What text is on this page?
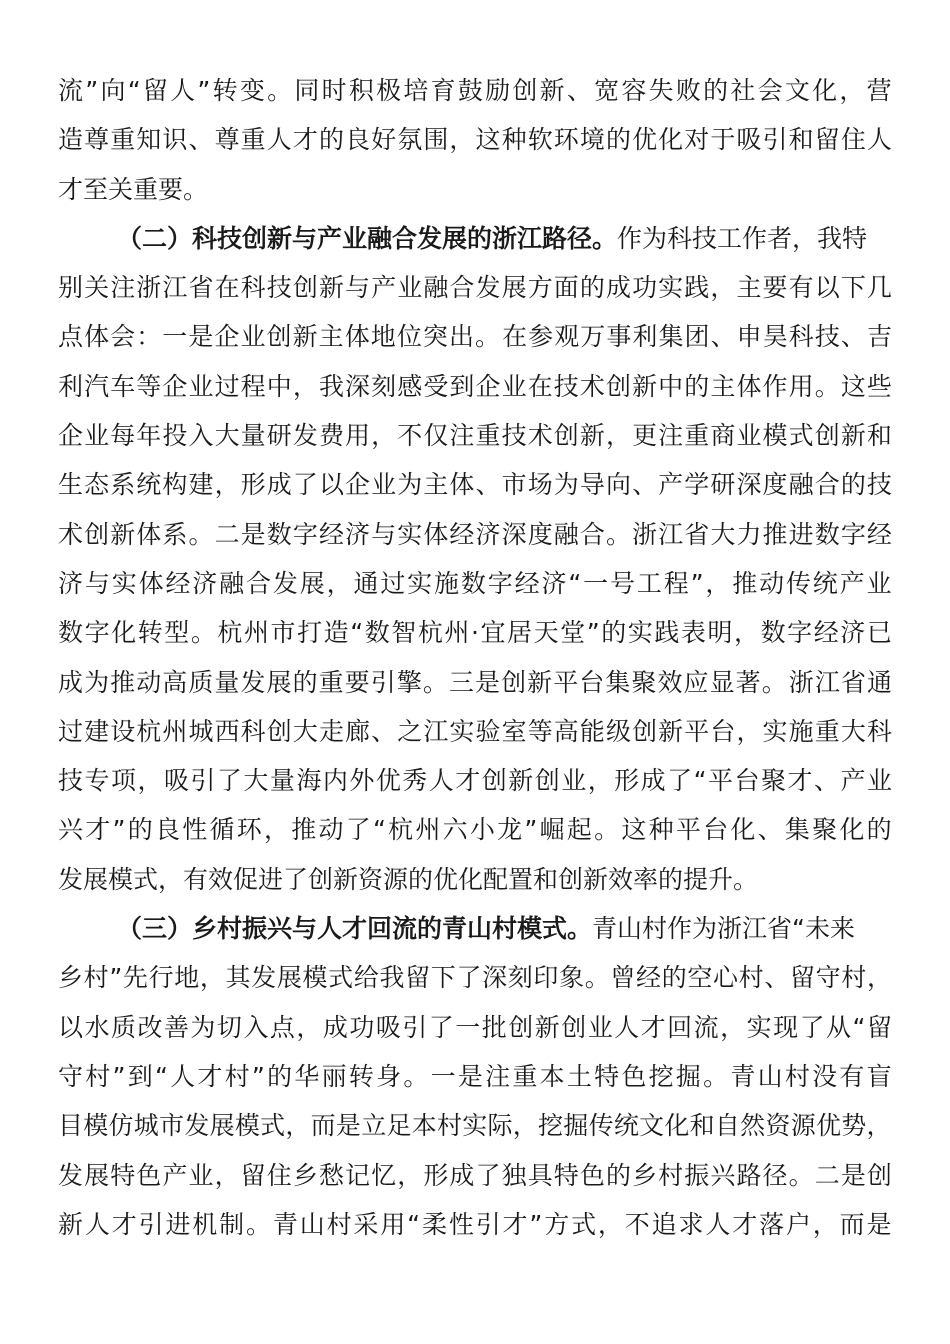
流 ” 向 “ 留 人 ” 转 变 。 同 时 积 极 培 育 鼓 励 创 新 、 宽 容 失 败 的 社 会 文 化 ， 营
造 尊 重 知 识 、 尊 重 人 才 的 良 好 氛 围 ， 这 种 软 环 境 的 优 化 对 于 吸 引 和 留 住 人
才至关重要。
（二）科技创新与产业融合发展的浙江路径。 作为科技工作者，我特
别 关 注 浙 江 省 在 科 技 创 新 与 产 业 融 合 发 展 方 面 的 成 功 实 践 ， 主 要 有 以 下 几
点 体 会 ： 一 是 企 业 创 新 主 体 地 位 突 出 。 在 参 观 万 事 利 集 团 、 申 昊 科 技 、 吉
利 汽 车 等 企 业 过 程 中 ， 我 深 刻 感 受 到 企 业 在 技 术 创 新 中 的 主 体 作 用 。 这 些
企 业 每 年 投 入 大 量 研 发 费 用 ， 不 仅 注 重 技 术 创 新 ， 更 注 重 商 业 模 式 创 新 和
生 态 系 统 构 建 ， 形 成 了 以 企 业 为 主 体 、 市 场 为 导 向 、 产 学 研 深 度 融 合 的 技
术 创 新 体 系 。 二 是 数 字 经 济 与 实 体 经 济 深 度 融 合 。 浙 江 省 大 力 推 进 数 字 经
济 与 实 体 经 济 融 合 发 展 ， 通 过 实 施 数 字 经 济 “ 一 号 工 程 ” ， 推 动 传 统 产 业
数 字 化 转 型 。 杭 州 市 打 造 “ 数 智 杭 州 · 宜 居 天 堂 ” 的 实 践 表 明 ， 数 字 经 济 已
成 为 推 动 高 质 量 发 展 的 重 要 引 擎 。 三 是 创 新 平 台 集 聚 效 应 显 著 。 浙 江 省 通
过 建 设 杭 州 城 西 科 创 大 走 廊 、 之 江 实 验 室 等 高 能 级 创 新 平 台 ， 实 施 重 大 科
技 专 项 ， 吸 引 了 大 量 海 内 外 优 秀 人 才 创 新 创 业 ， 形 成 了 “ 平 台 聚 才 、 产 业
兴 才 ” 的 良 性 循 环 ， 推 动 了 “ 杭 州 六 小 龙 ” 崛 起 。 这 种 平 台 化 、 集 聚 化 的
发展模式，有效促进了创新资源的优化配置和创新效率的提升。
（三）乡村振兴与人才回流的青山村模式。 青山村作为浙江省“未来
乡 村 ” 先 行 地 ， 其 发 展 模 式 给 我 留 下 了 深 刻 印 象 。 曾 经 的 空 心 村 、 留 守 村 ，
以 水 质 改 善 为 切 入 点 ， 成 功 吸 引 了 一 批 创 新 创 业 人 才 回 流 ， 实 现 了 从 “ 留
守 村 ” 到 “ 人 才 村 ” 的 华 丽 转 身 。 一 是 注 重 本 土 特 色 挖 掘 。 青 山 村 没 有 盲
目 模 仿 城 市 发 展 模 式 ， 而 是 立 足 本 村 实 际 ， 挖 掘 传 统 文 化 和 自 然 资 源 优 势 ，
发 展 特 色 产 业 ， 留 住 乡 愁 记 忆 ， 形 成 了 独 具 特 色 的 乡 村 振 兴 路 径 。 二 是 创
新 人 才 引 进 机 制 。 青 山 村 采 用 “ 柔 性 引 才 ” 方 式 ， 不 追 求 人 才 落 户 ， 而 是
